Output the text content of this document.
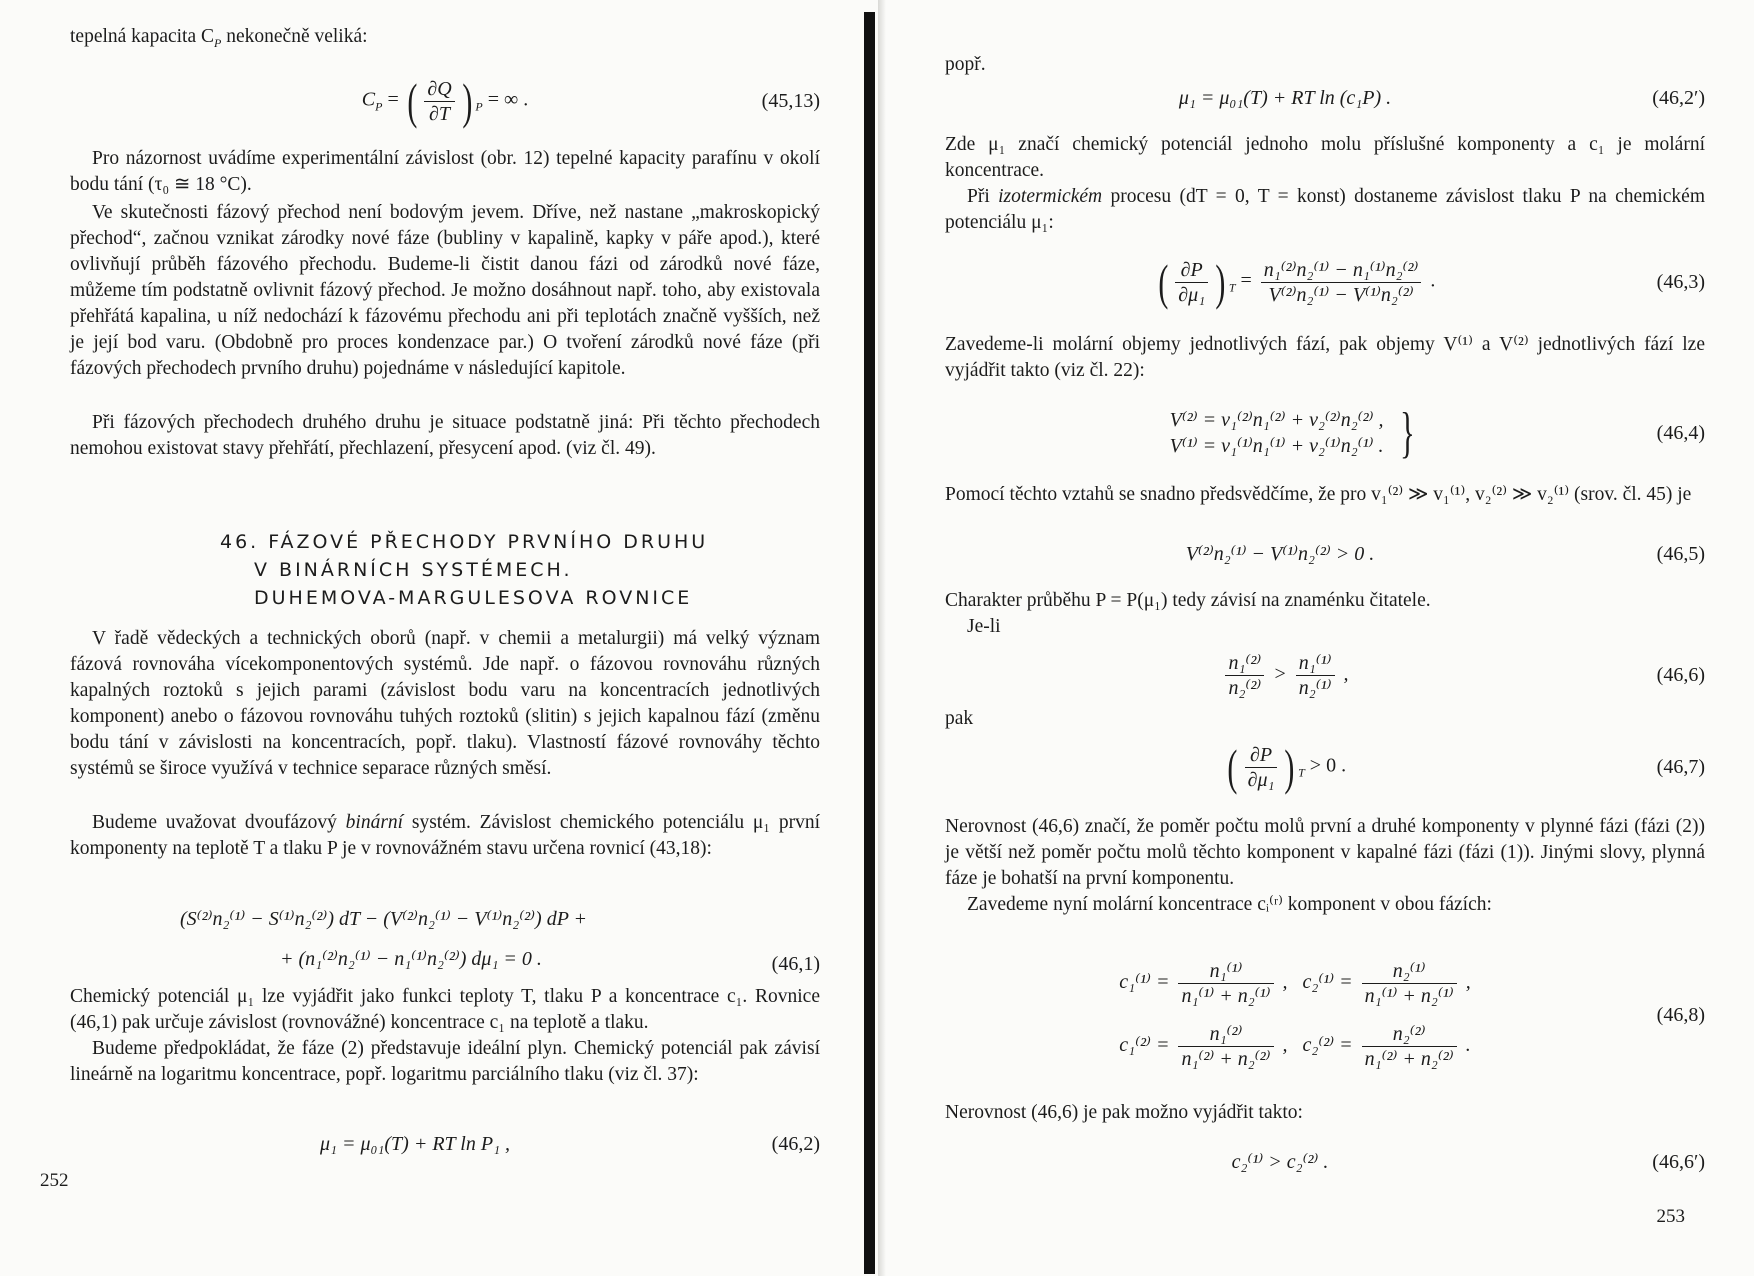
tepelná kapacita $C_P$ nekonečně veliká:
$C_P$ = ( $\frac{\partial Q}{\partial T}$ ) $_P$ = ∞ .	(45,13)

Pro názornost uvádíme experimentální závislost (obr. 12) tepelné kapacity parafínu v okolí bodu tání (τ₀ ≅ 18 °C).

Ve skutečnosti fázový přechod není bodovým jevem. Dříve, než nastane „makroskopický přechod“, začnou vznikat zárodky nové fáze (bubliny v kapalině, kapky v páře apod.), které ovlivňují průběh fázového přechodu. Budeme-li čistit danou fázi od zárodků nové fáze, můžeme tím podstatně ovlivnit fázový přechod. Je možno dosáhnout např. toho, aby existovala přehřátá kapalina, u níž nedochází k fázovému přechodu ani při teplotách značně vyšších, než je její bod varu. (Obdobně pro proces kondenzace par.) O tvoření zárodků nové fáze (při fázových přechodech prvního druhu) pojednáme v následující kapitole.

Při fázových přechodech druhého druhu je situace podstatně jiná: Při těchto přechodech nemohou existovat stavy přehřátí, přechlazení, přesycení apod. (viz čl. 49).

46. FÁZOVÉ PŘECHODY PRVNÍHO DRUHU
V BINÁRNÍCH SYSTÉMECH.
DUHEMOVA-MARGULESOVA ROVNICE

V řadě vědeckých a technických oborů (např. v chemii a metalurgii) má velký význam fázová rovnováha vícekomponentových systémů. Jde např. o fázovou rovnováhu různých kapalných roztoků s jejich parami (závislost bodu varu na koncentracích jednotlivých komponent) anebo o fázovou rovnováhu tuhých roztoků (slitin) s jejich kapalnou fází (změnu bodu tání v závislosti na koncentracích, popř. tlaku). Vlastností fázové rovnováhy těchto systémů se široce využívá v technice separace různých směsí.

Budeme uvažovat dvoufázový binární systém. Závislost chemického potenciálu μ₁ první komponenty na teplotě T a tlaku P je v rovnovážném stavu určena rovnicí (43,18):

(S⁽²⁾n₂⁽¹⁾ − S⁽¹⁾n₂⁽²⁾) dT − (V⁽²⁾n₂⁽¹⁾ − V⁽¹⁾n₂⁽²⁾) dP +
+ (n₁⁽²⁾n₂⁽¹⁾ − n₁⁽¹⁾n₂⁽²⁾) dμ₁ = 0 .	(46,1)

Chemický potenciál μ₁ lze vyjádřit jako funkci teploty T, tlaku P a koncentrace c₁. Rovnice (46,1) pak určuje závislost (rovnovážné) koncentrace c₁ na teplotě a tlaku.

Budeme předpokládat, že fáze (2) představuje ideální plyn. Chemický potenciál pak závisí lineárně na logaritmu koncentrace, popř. logaritmu parciálního tlaku (viz čl. 37):

μ₁ = μ₀₁(T) + RT ln P₁ ,	(46,2)
252
popř.
μ₁ = μ₀₁(T) + RT ln (c₁P) .	(46,2′)

Zde μ₁ značí chemický potenciál jednoho molu příslušné komponenty a c₁ je molární koncentrace.

Při izotermickém procesu (dT = 0, T = konst) dostaneme závislost tlaku P na chemickém potenciálu μ₁:

( $\frac{\partial P}{\text{∂μ₁}}$ ) $_T = \frac{\text{n₁⁽²⁾n₂⁽¹⁾ − n₁⁽¹⁾n₂⁽²⁾}}{\text{V⁽²⁾n₂⁽¹⁾ − V⁽¹⁾n₂⁽²⁾}}$ .	(46,3)

Zavedeme-li molární objemy jednotlivých fází, pak objemy V⁽¹⁾ a V⁽²⁾ jednotlivých fází lze vyjádřit takto (viz čl. 22):

V⁽²⁾ = v₁⁽²⁾n₁⁽²⁾ + v₂⁽²⁾n₂⁽²⁾ ,
V⁽¹⁾ = v₁⁽¹⁾n₁⁽¹⁾ + v₂⁽¹⁾n₂⁽¹⁾ . }	(46,4)

Pomocí těchto vztahů se snadno předsvědčíme, že pro v₁⁽²⁾ ≫ v₁⁽¹⁾, v₂⁽²⁾ ≫ v₂⁽¹⁾ (srov. čl. 45) je

V⁽²⁾n₂⁽¹⁾ − V⁽¹⁾n₂⁽²⁾ > 0 .	(46,5)

Charakter průběhu P = P(μ₁) tedy závisí na znaménku čitatele.

Je-li
$\frac{\text{n₁⁽²⁾}}{\text{n₂⁽²⁾}} > \frac{\text{n₁⁽¹⁾}}{\text{n₂⁽¹⁾}}$ ,	(46,6)
pak
( $\frac{\partial P}{\text{∂μ₁}}$ ) $_T$ > 0 .	(46,7)

Nerovnost (46,6) značí, že poměr počtu molů první a druhé komponenty v plynné fázi (fázi (2)) je větší než poměr počtu molů těchto komponent v kapalné fázi (fázi (1)). Jinými slovy, plynná fáze je bohatší na první komponentu.

Zavedeme nyní molární koncentrace cᵢ⁽ʳ⁾ komponent v obou fázích:

$c_1^{(1)} = \frac{\text{n₁⁽¹⁾}}{\text{n₁⁽¹⁾ + n₂⁽¹⁾}}$ ,   $c_2^{(1)} = \frac{\text{n₂⁽¹⁾}}{\text{n₁⁽¹⁾ + n₂⁽¹⁾}}$ ,
$c_1^{(2)} = \frac{\text{n₁⁽²⁾}}{\text{n₁⁽²⁾ + n₂⁽²⁾}}$ ,   $c_2^{(2)} = \frac{\text{n₂⁽²⁾}}{\text{n₁⁽²⁾ + n₂⁽²⁾}}$ .
(46,8)

Nerovnost (46,6) je pak možno vyjádřit takto:

c₂⁽¹⁾ > c₂⁽²⁾ .	(46,6′)
253
